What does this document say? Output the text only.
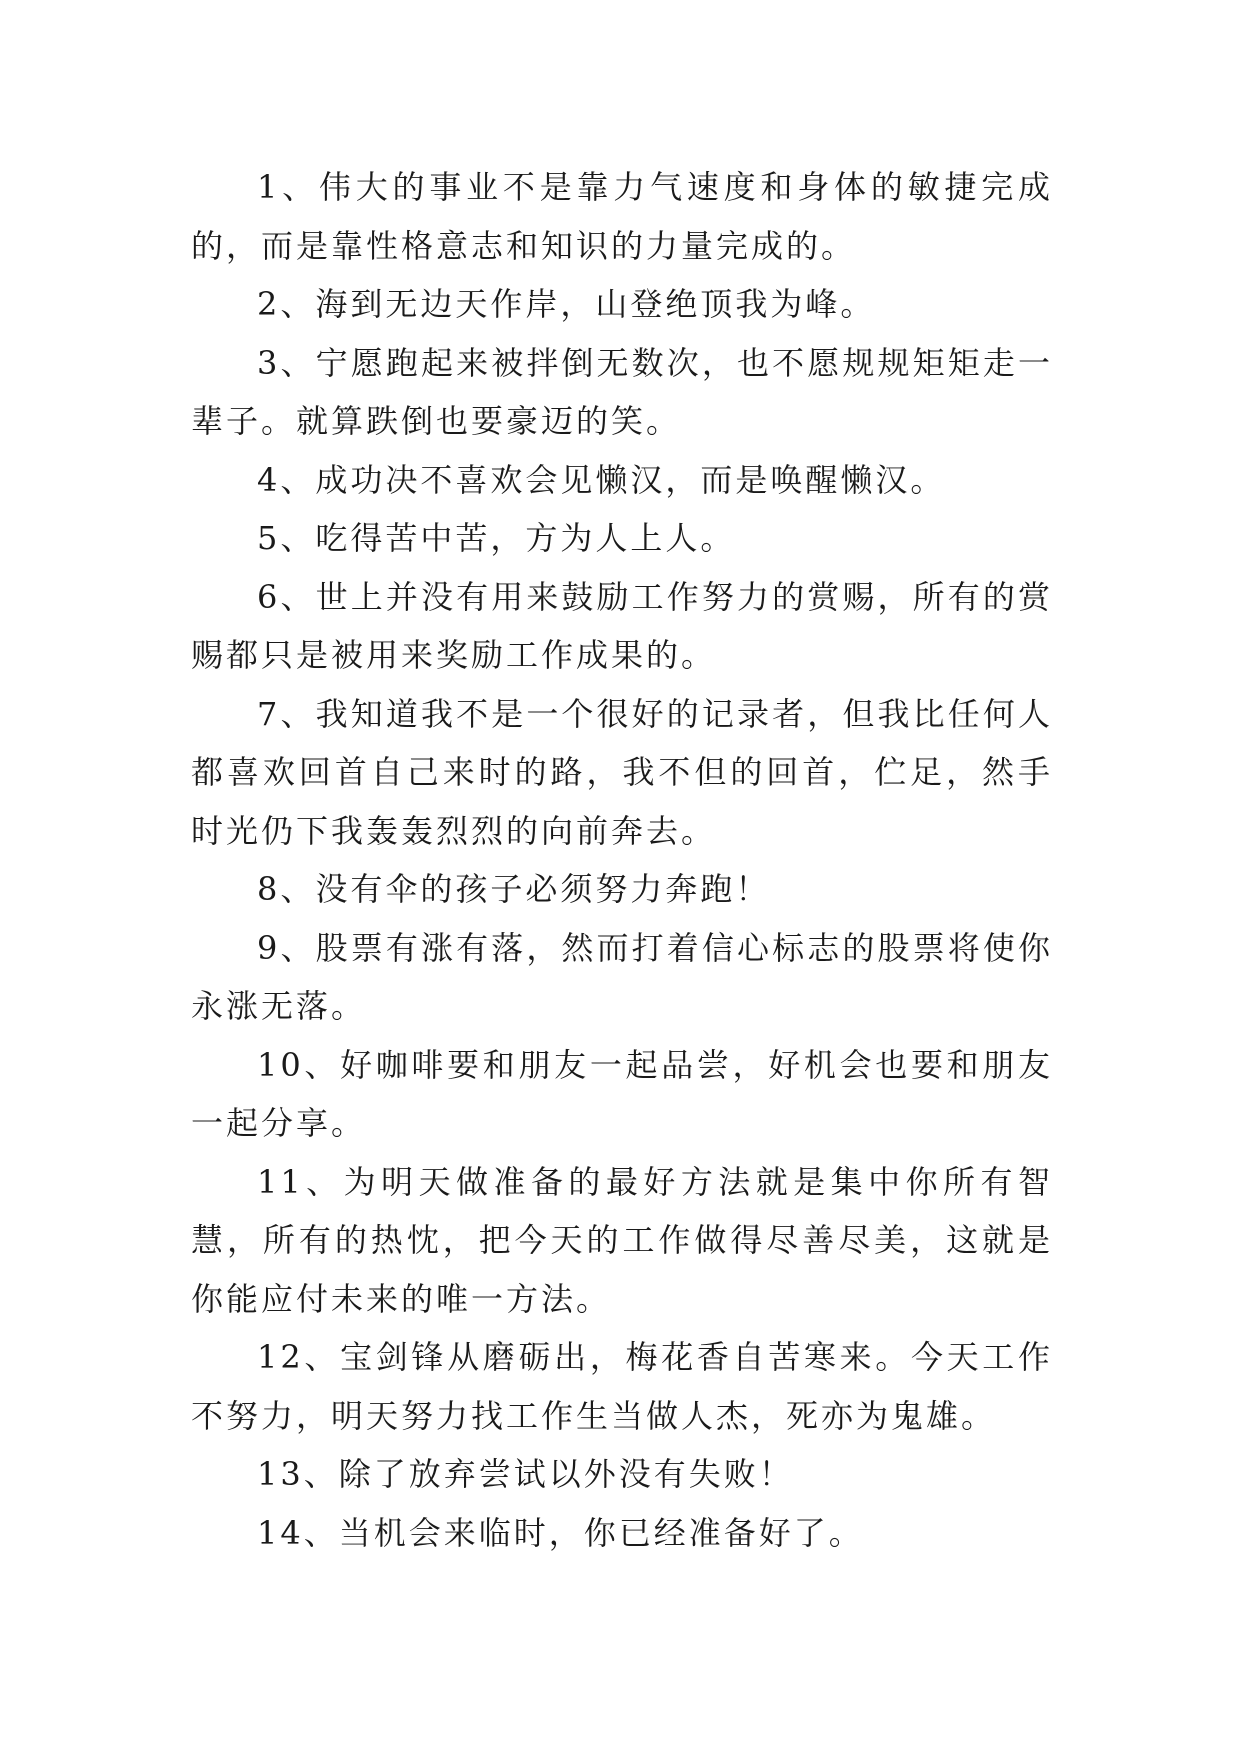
1、伟大的事业不是靠力气速度和身体的敏捷完成的，而是靠性格意志和知识的力量完成的。

2、海到无边天作岸，山登绝顶我为峰。

3、宁愿跑起来被拌倒无数次，也不愿规规矩矩走一辈子。就算跌倒也要豪迈的笑。

4、成功决不喜欢会见懒汉，而是唤醒懒汉。

5、吃得苦中苦，方为人上人。

6、世上并没有用来鼓励工作努力的赏赐，所有的赏赐都只是被用来奖励工作成果的。

7、我知道我不是一个很好的记录者，但我比任何人都喜欢回首自己来时的路，我不但的回首，伫足，然手时光仍下我轰轰烈烈的向前奔去。

8、没有伞的孩子必须努力奔跑！

9、股票有涨有落，然而打着信心标志的股票将使你永涨无落。

10、好咖啡要和朋友一起品尝，好机会也要和朋友一起分享。

11、为明天做准备的最好方法就是集中你所有智慧，所有的热忱，把今天的工作做得尽善尽美，这就是你能应付未来的唯一方法。

12、宝剑锋从磨砺出，梅花香自苦寒来。今天工作不努力，明天努力找工作生当做人杰，死亦为鬼雄。

13、除了放弃尝试以外没有失败！

14、当机会来临时，你已经准备好了。
